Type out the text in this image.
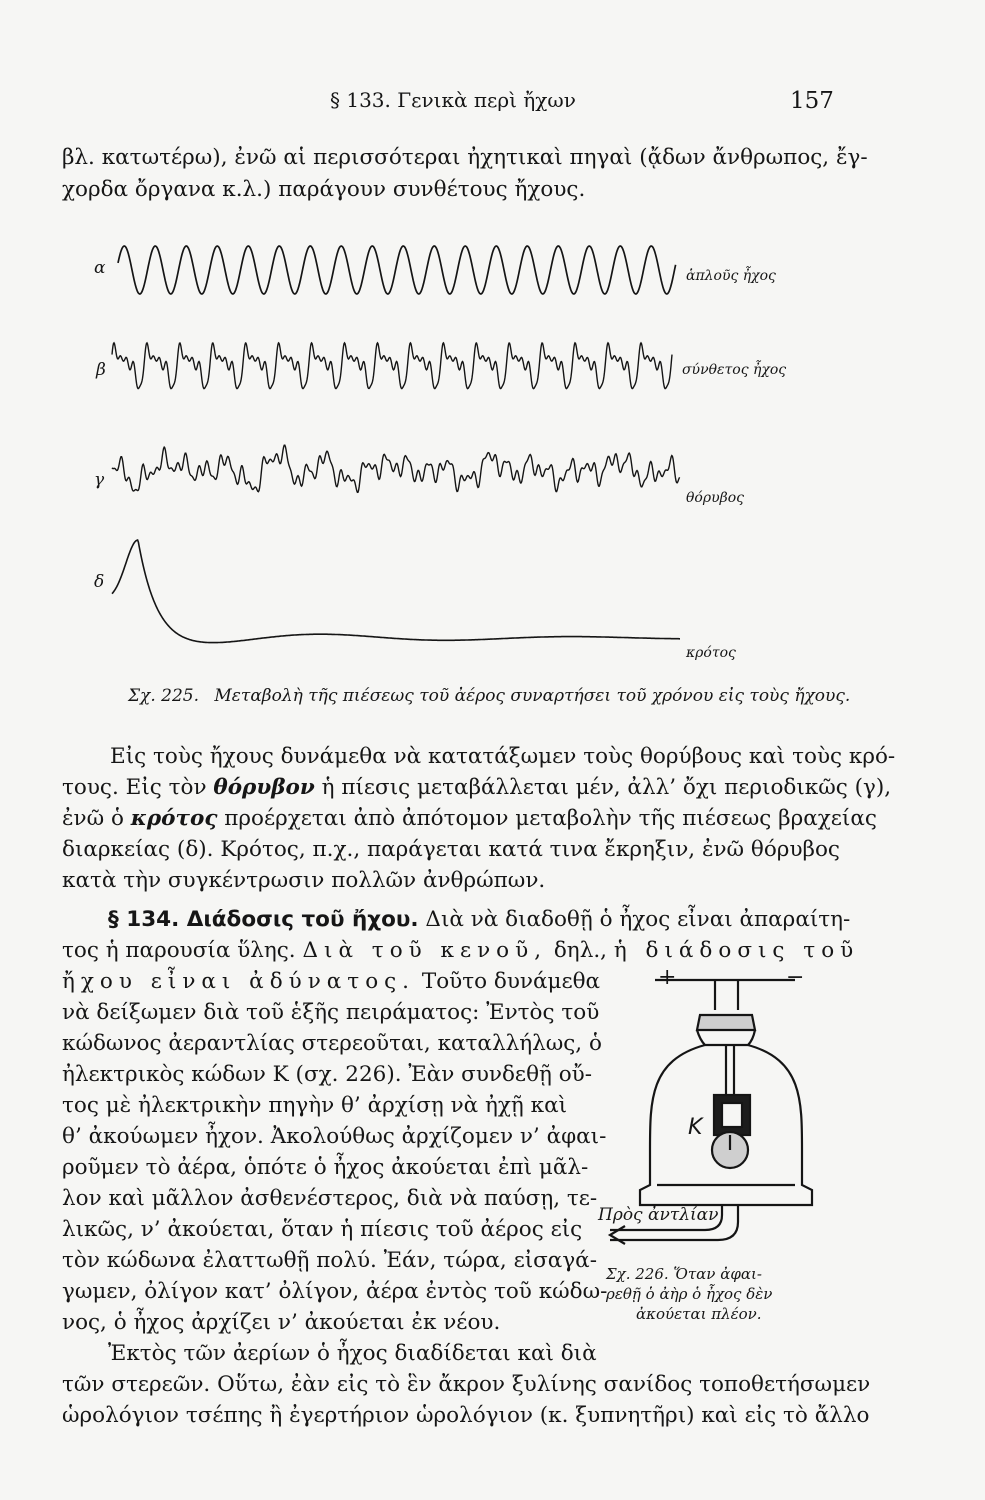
§ 133. Γενικὰ περὶ ἤχων	157
βλ. κατωτέρω), ἐνῶ αἱ περισσότεραι ἠχητικαὶ πηγαὶ (ᾄδων ἄνθρωπος, ἔγ-
χορδα ὄργανα κ.λ.) παράγουν συνθέτους ἤχους.
α
β
γ
δ
ἁπλοῦς ἦχος
σύνθετος ἦχος
θόρυβος
κρότος
Σχ. 225. Μεταβολὴ τῆς πιέσεως τοῦ ἀέρος συναρτήσει τοῦ χρόνου εἰς τοὺς ἤχους.
Εἰς τοὺς ἤχους δυνάμεθα νὰ κατατάξωμεν τοὺς θορύβους καὶ τοὺς κρό-
τους. Εἰς τὸν θόρυβον ἡ πίεσις μεταβάλλεται μέν, ἀλλ’ ὄχι περιοδικῶς (γ),
ἐνῶ ὁ κρότος προέρχεται ἀπὸ ἀπότομον μεταβολὴν τῆς πιέσεως βραχείας
διαρκείας (δ). Κρότος, π.χ., παράγεται κατά τινα ἔκρηξιν, ἐνῶ θόρυβος
κατὰ τὴν συγκέντρωσιν πολλῶν ἀνθρώπων.
§ 134. Διάδοσις τοῦ ἤχου. Διὰ νὰ διαδοθῇ ὁ ἦχος εἶναι ἀπαραίτη-
τος ἡ παρουσία ὕλης. Διὰ τοῦ κενοῦ, δηλ., ἡ διάδοσις τοῦ
ἤχου εἶναι ἀδύνατος. Τοῦτο δυνάμεθα
νὰ δείξωμεν διὰ τοῦ ἑξῆς πειράματος: Ἐντὸς τοῦ
κώδωνος ἀεραντλίας στερεοῦται, καταλλήλως, ὁ
ἠλεκτρικὸς κώδων K (σχ. 226). Ἐὰν συνδεθῇ οὔ-
τος μὲ ἠλεκτρικὴν πηγὴν θ’ ἀρχίσῃ νὰ ἠχῇ καὶ
θ’ ἀκούωμεν ἦχον. Ἀκολούθως ἀρχίζομεν ν’ ἀφαι-
ροῦμεν τὸ ἀέρα, ὁπότε ὁ ἦχος ἀκούεται ἐπὶ μᾶλ-
λον καὶ μᾶλλον ἀσθενέστερος, διὰ νὰ παύσῃ, τε-
λικῶς, ν’ ἀκούεται, ὅταν ἡ πίεσις τοῦ ἀέρος εἰς
τὸν κώδωνα ἐλαττωθῇ πολύ. Ἐάν, τώρα, εἰσαγά-
γωμεν, ὀλίγον κατ’ ὀλίγον, ἀέρα ἐντὸς τοῦ κώδω-
νος, ὁ ἦχος ἀρχίζει ν’ ἀκούεται ἐκ νέου.
Ἐκτὸς τῶν ἀερίων ὁ ἦχος διαδίδεται καὶ διὰ
τῶν στερεῶν. Οὕτω, ἐὰν εἰς τὸ ἓν ἄκρον ξυλίνης σανίδος τοποθετήσωμεν
ὡρολόγιον τσέπης ἢ ἐγερτήριον ὡρολόγιον (κ. ξυπνητῆρι) καὶ εἰς τὸ ἄλλο
+	−
K
Πρὸς ἀντλίαν
Σχ. 226. Ὅταν ἀφαι-
ρεθῇ ὁ ἀὴρ ὁ ἦχος δὲν
ἀκούεται πλέον.
